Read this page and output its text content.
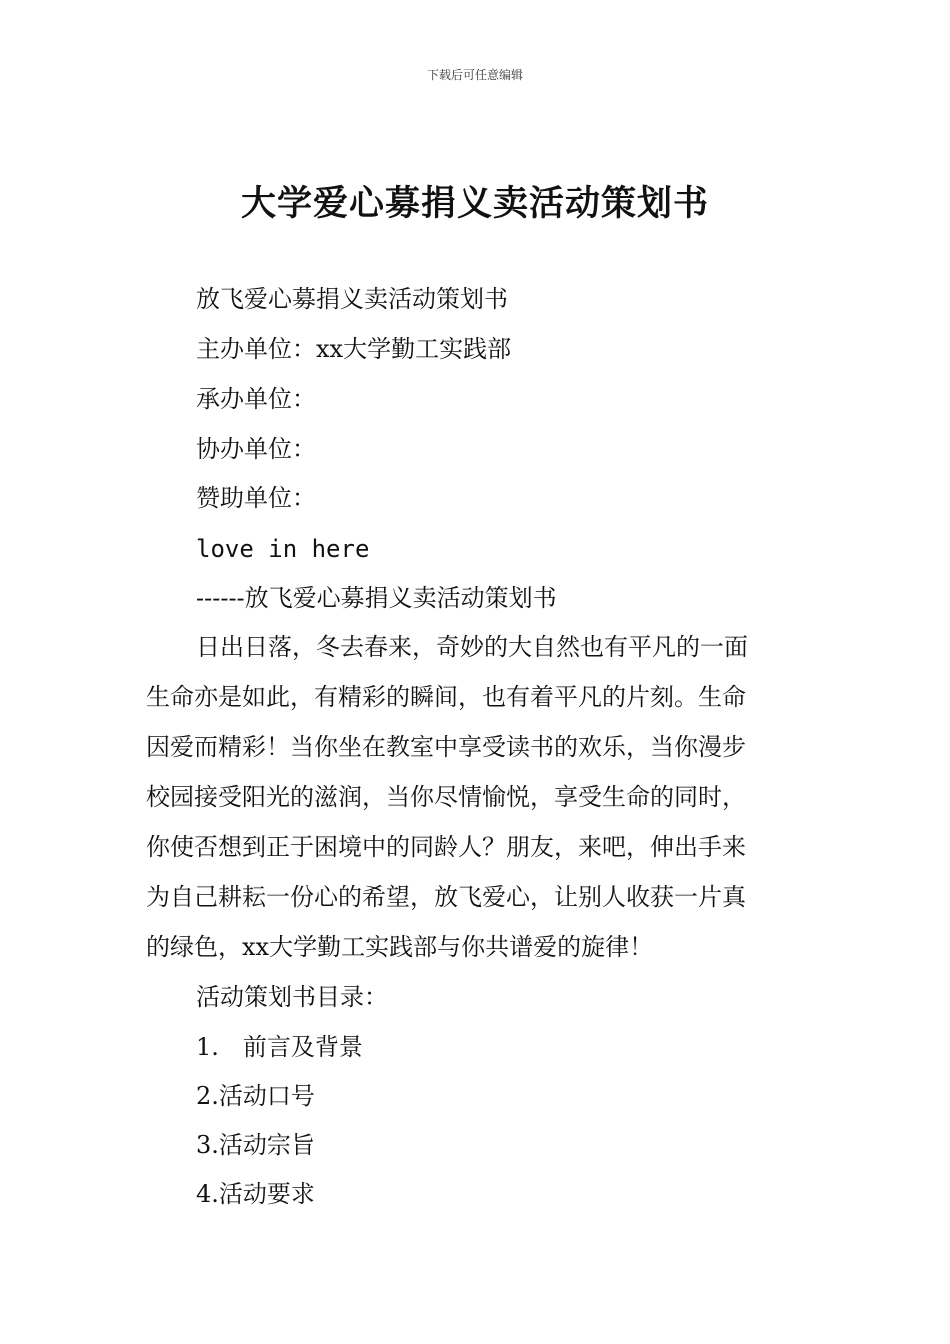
下载后可任意编辑
大学爱心募捐义卖活动策划书
放飞爱心募捐义卖活动策划书
主办单位：xx大学勤工实践部
承办单位：
协办单位：
赞助单位：
love in here
------放飞爱心募捐义卖活动策划书
日出日落，冬去春来，奇妙的大自然也有平凡的一面
生命亦是如此，有精彩的瞬间，也有着平凡的片刻。生命
因爱而精彩！当你坐在教室中享受读书的欢乐，当你漫步
校园接受阳光的滋润，当你尽情愉悦，享受生命的同时，
你使否想到正于困境中的同龄人？朋友，来吧，伸出手来
为自己耕耘一份心的希望，放飞爱心，让别人收获一片真
的绿色，xx大学勤工实践部与你共谱爱的旋律！
活动策划书目录：
1.　前言及背景
2.活动口号
3.活动宗旨
4.活动要求
